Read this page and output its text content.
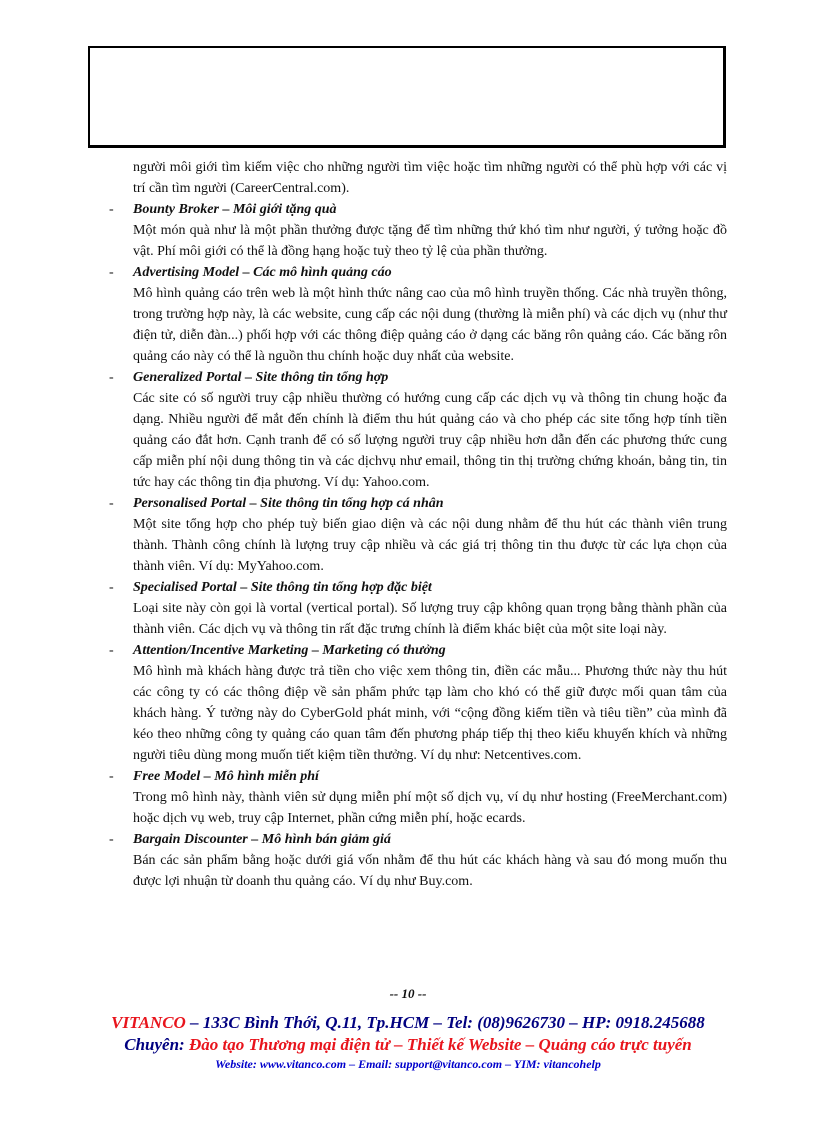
người môi giới tìm kiếm việc cho những người tìm việc hoặc tìm những người có thể phù hợp với các vị trí cần tìm người (CareerCentral.com).

-	Bounty Broker – Môi giới tặng quà

Một món quà như là một phần thưởng được tặng để tìm những thứ khó tìm như người, ý tưởng hoặc đồ vật. Phí môi giới có thể là đồng hạng hoặc tuỳ theo tỷ lệ của phần thưởng.

-	Advertising Model – Các mô hình quảng cáo

Mô hình quảng cáo trên web là một hình thức nâng cao của mô hình truyền thống. Các nhà truyền thông, trong trường hợp này, là các website, cung cấp các nội dung (thường là miễn phí) và các dịch vụ (như thư điện tử, diễn đàn...) phối hợp với các thông điệp quảng cáo ở dạng các băng rôn quảng cáo. Các băng rôn quảng cáo này có thể là nguồn thu chính hoặc duy nhất của website.

-	Generalized Portal – Site thông tin tổng hợp

Các site có số người truy cập nhiều thường có hướng cung cấp các dịch vụ và thông tin chung hoặc đa dạng. Nhiều người để mắt đến chính là điểm thu hút quảng cáo và cho phép các site tổng hợp tính tiền quảng cáo đắt hơn. Cạnh tranh để có số lượng người truy cập nhiều hơn dẫn đến các phương thức cung cấp miễn phí nội dung thông tin và các dịchvụ như email, thông tin thị trường chứng khoán, bảng tin, tin tức hay các thông tin địa phương. Ví dụ: Yahoo.com.

-	Personalised Portal – Site thông tin tổng hợp cá nhân

Một site tổng hợp cho phép tuỳ biến giao diện và các nội dung nhằm để thu hút các thành viên trung thành. Thành công chính là lượng truy cập nhiều và các giá trị thông tin thu được từ các lựa chọn của thành viên. Ví dụ: MyYahoo.com.

-	Specialised Portal – Site thông tin tổng hợp đặc biệt

Loại site này còn gọi là vortal (vertical portal). Số lượng truy cập không quan trọng bằng thành phần của thành viên. Các dịch vụ và thông tin rất đặc trưng chính là điểm khác biệt của một site loại này.

-	Attention/Incentive Marketing – Marketing có thưởng

Mô hình mà khách hàng được trả tiền cho việc xem thông tin, điền các mẫu... Phương thức này thu hút các công ty có các thông điệp về sản phẩm phức tạp làm cho khó có thể giữ được mối quan tâm của khách hàng. Ý tưởng này do CyberGold phát minh, với “cộng đồng kiếm tiền và tiêu tiền” của mình đã kéo theo những công ty quảng cáo quan tâm đến phương pháp tiếp thị theo kiểu khuyến khích và những người tiêu dùng mong muốn tiết kiệm tiền thưởng. Ví dụ như: Netcentives.com.

-	Free Model – Mô hình miễn phí

Trong mô hình này, thành viên sử dụng miễn phí một số dịch vụ, ví dụ như hosting (FreeMerchant.com) hoặc dịch vụ web, truy cập Internet, phần cứng miễn phí, hoặc ecards.

-	Bargain Discounter – Mô hình bán giảm giá

Bán các sản phẩm bằng hoặc dưới giá vốn nhằm để thu hút các khách hàng và sau đó mong muốn thu được lợi nhuận từ doanh thu quảng cáo. Ví dụ như Buy.com.

-- 10 --
VITANCO – 133C Bình Thới, Q.11, Tp.HCM – Tel: (08)9626730 – HP: 0918.245688
Chuyên: Đào tạo Thương mại điện tử – Thiết kế Website – Quảng cáo trực tuyến
Website: www.vitanco.com – Email: support@vitanco.com – YIM: vitancohelp
